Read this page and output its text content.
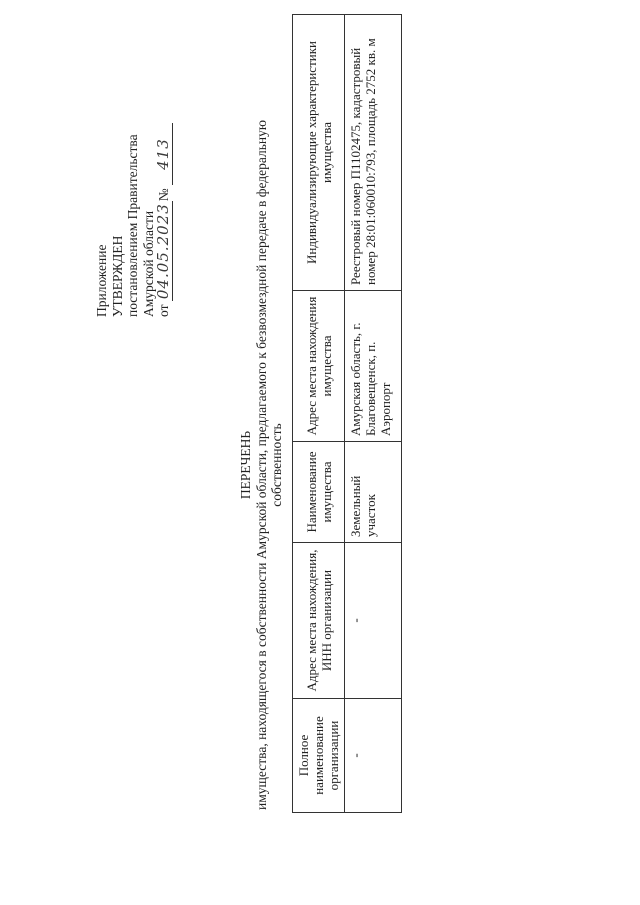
Приложение УТВЕРЖДЕН постановлением Правительства Амурской области от 04.05.2023№ 413
ПЕРЕЧЕНЬ имущества, находящегося в собственности Амурской области, предлагаемого к безвозмездной передаче в федеральную собственность
Полное наименование организации	Адрес места нахождения, ИНН организации	Наименование имущества	Адрес места нахождения имущества	Индивидуализирующие характеристики имущества
-	-	Земельный участок	Амурская область, г. Благовещенск, п. Аэропорт	Реестровый номер П1102475, кадастровый номер 28:01:060010:793, площадь 2752 кв. м
